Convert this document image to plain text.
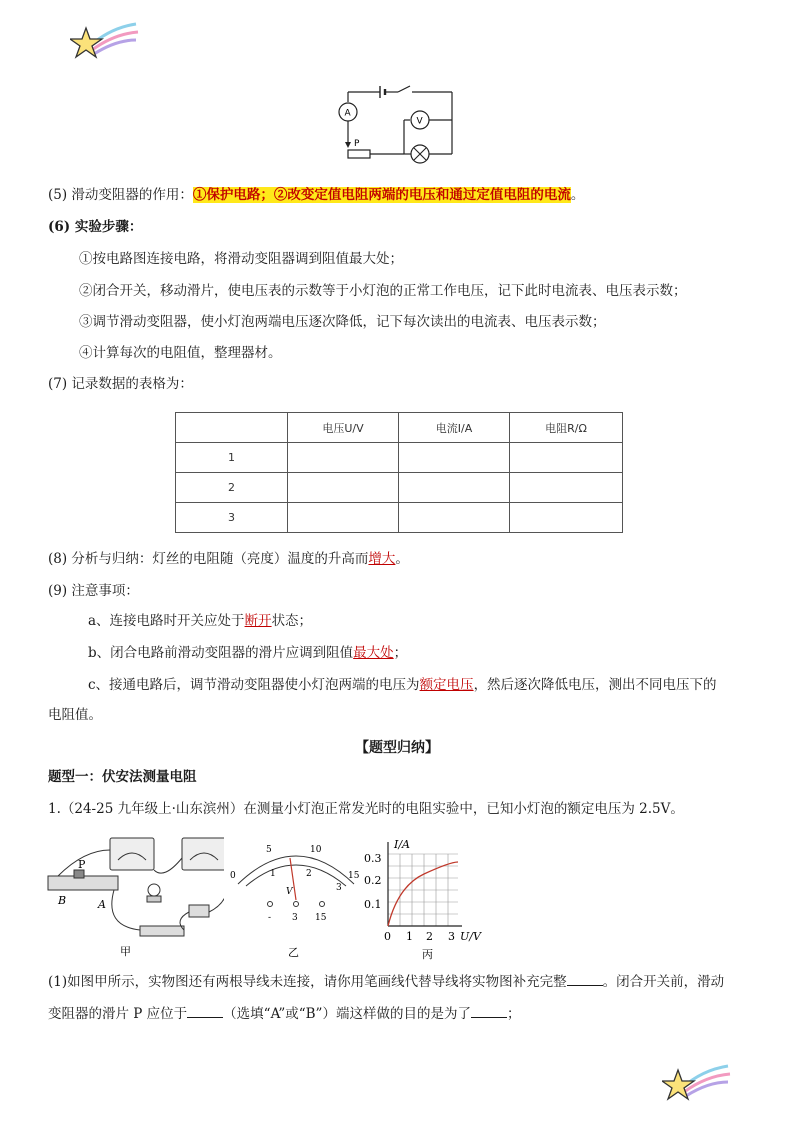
A
P
V
(5) 滑动变阻器的作用：①保护电路；②改变定值电阻两端的电压和通过定值电阻的电流。
(6) 实验步骤：
①按电路图连接电路，将滑动变阻器调到阻值最大处；
②闭合开关，移动滑片，使电压表的示数等于小灯泡的正常工作电压，记下此时电流表、电压表示数；
③调节滑动变阻器，使小灯泡两端电压逐次降低，记下每次读出的电流表、电压表示数；
④计算每次的电阻值，整理器材。
(7) 记录数据的表格为：
	电压U/V	电流I/A	电阻R/Ω
1			
2			
3			
(8) 分析与归纳：灯丝的电阻随（亮度）温度的升高而增大。
(9) 注意事项：
a、连接电路时开关应处于断开状态；
b、闭合电路前滑动变阻器的滑片应调到阻值最大处；
c、接通电路后，调节滑动变阻器使小灯泡两端的电压为额定电压，然后逐次降低电压，测出不同电压下的
电阻值。
【题型归纳】
题型一：伏安法测量电阻
1.（24-25 九年级上·山东滨州）在测量小灯泡正常发光时的电阻实验中，已知小灯泡的额定电压为 2.5V。
P
B	A
甲
0
5	10
15
1	2
3
V
- 3 15
乙
I/A
0.3
0.2
0.1
0 1 2 3 U/V
丙
(1)如图甲所示，实物图还有两根导线未连接，请你用笔画线代替导线将实物图补充完整	。闭合开关前，滑动
变阻器的滑片 P 应位于	（选填“A”或“B”）端这样做的目的是为了	；
